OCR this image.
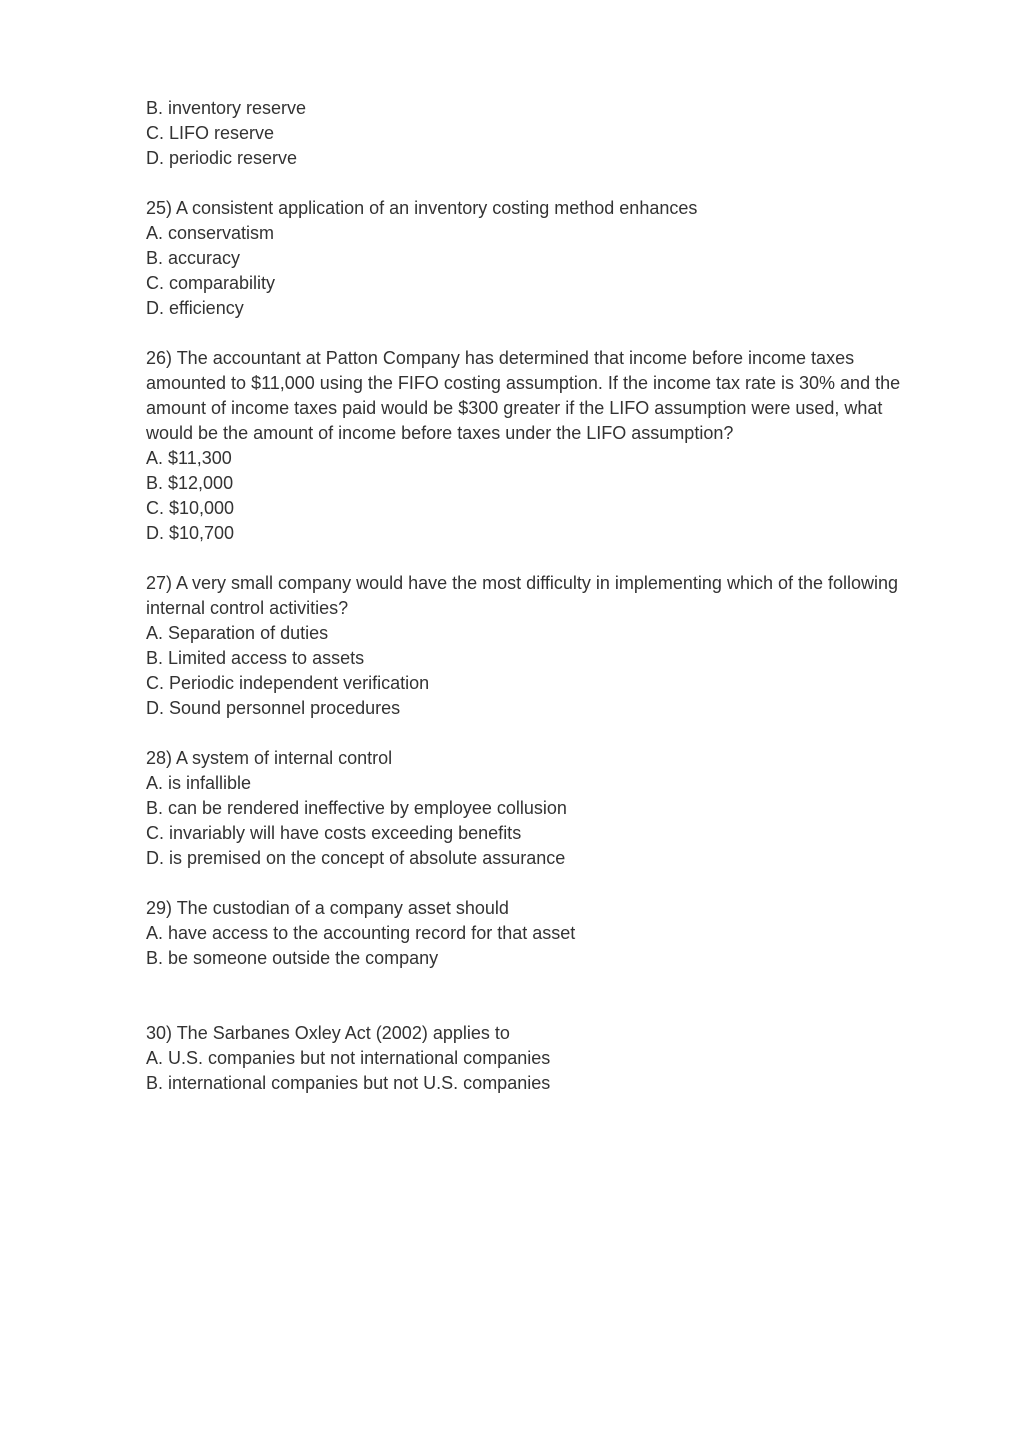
B. inventory reserve
C. LIFO reserve
D. periodic reserve
25) A consistent application of an inventory costing method enhances
A. conservatism
B. accuracy
C. comparability
D. efficiency
26) The accountant at Patton Company has determined that income before income taxes
amounted to $11,000 using the FIFO costing assumption. If the income tax rate is 30% and the
amount of income taxes paid would be $300 greater if the LIFO assumption were used, what
would be the amount of income before taxes under the LIFO assumption?
A. $11,300
B. $12,000
C. $10,000
D. $10,700
27) A very small company would have the most difficulty in implementing which of the following
internal control activities?
A. Separation of duties
B. Limited access to assets
C. Periodic independent verification
D. Sound personnel procedures
28) A system of internal control
A. is infallible
B. can be rendered ineffective by employee collusion
C. invariably will have costs exceeding benefits
D. is premised on the concept of absolute assurance
29) The custodian of a company asset should
A. have access to the accounting record for that asset
B. be someone outside the company
30) The Sarbanes Oxley Act (2002) applies to
A. U.S. companies but not international companies
B. international companies but not U.S. companies
